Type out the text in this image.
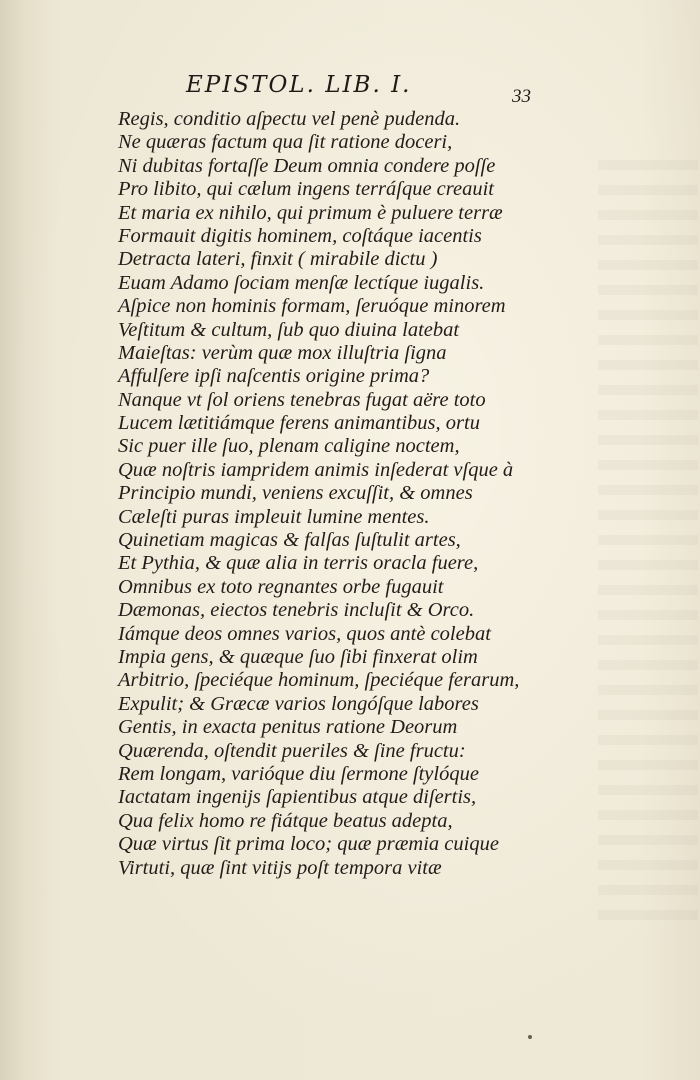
EPISTOL. LIB. I.	33
Regis, conditio aſpectu vel penè pudenda.
Ne quæras factum qua ſit ratione doceri,
Ni dubitas fortaſſe Deum omnia condere poſſe
Pro libito, qui cælum ingens terráſque creauit
Et maria ex nihilo, qui primum è puluere terræ
Formauit digitis hominem, coſtáque iacentis
Detracta lateri, finxit ( mirabile dictu )
Euam Adamo ſociam menſæ lectíque iugalis.
Aſpice non hominis formam, ſeruóque minorem
Veſtitum & cultum, ſub quo diuina latebat
Maieſtas: verùm quæ mox illuſtria ſigna
Affulſere ipſi naſcentis origine prima?
Nanque vt ſol oriens tenebras fugat aëre toto
Lucem lætitiámque ferens animantibus, ortu
Sic puer ille ſuo, plenam caligine noctem,
Quæ noſtris iampridem animis inſederat vſque à
Principio mundi, veniens excuſſit, & omnes
Cæleſti puras impleuit lumine mentes.
Quinetiam magicas & falſas ſuſtulit artes,
Et Pythia, & quæ alia in terris oracla fuere,
Omnibus ex toto regnantes orbe fugauit
Dæmonas, eiectos tenebris incluſit & Orco.
Iámque deos omnes varios, quos antè colebat
Impia gens, & quæque ſuo ſibi finxerat olim
Arbitrio, ſpeciéque hominum, ſpeciéque ferarum,
Expulit; & Græcæ varios longóſque labores
Gentis, in exacta penitus ratione Deorum
Quærenda, oſtendit pueriles & ſine fructu:
Rem longam, varióque diu ſermone ſtylóque
Iactatam ingenijs ſapientibus atque diſertis,
Qua felix homo re fiátque beatus adepta,
Quæ virtus ſit prima loco; quæ præmia cuique
Virtuti, quæ ſint vitijs poſt tempora vitæ
